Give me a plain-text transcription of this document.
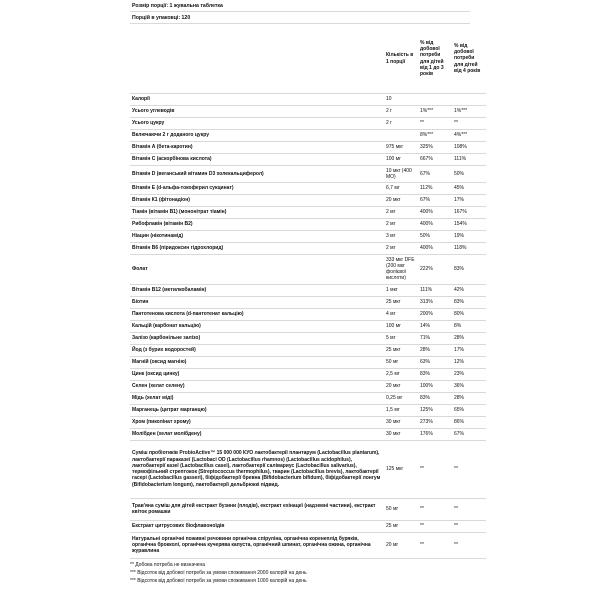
Розмір порції: 1 жувальна таблетка
Порцій в упаковці: 120
	Кількість в 1 порції	% від добової потреби для дітей від 1 до 3 років	% від добової потреби для дітей від 4 років
Калорії	10		
Усього углеводів	2 г	1%***	1%***
Усього цукру	2 г	**	**
Включаючи 2 г доданого цукру		8%***	4%***
Вітамін А (бета-каротин)	975 мкг	325%	108%
Вітамін С (аскорбінова кислота)	100 мг	667%	111%
Вітамін D (веганський вітамин D3 холекальциферол)	10 мкг (400 МО)	67%	50%
Вітамін Е (d-альфа-токоферил сукцинат)	6,7 мг	112%	45%
Вітамін К1 (фітонадіон)	20 мкг	67%	17%
Тіамін (вітамін В1) (мононітрат тіамін)	2 мг	400%	167%
Рибофлавін (вітамін В2)	2 мг	400%	154%
Ніацин (нікотинамід)	3 мг	50%	19%
Вітамін В6 (піридоксин гідрохлорид)	2 мг	400%	118%
Фолат	333 мкг DFE (200 мкг фолієвої кислоти)	222%	83%
Вітамін В12 (метилкобаламін)	1 мкг	111%	42%
Біотин	25 мкг	313%	83%
Пантотенова кислота (d-пантотенат кальцію)	4 мг	200%	80%
Кальцій (карбонат кальцію)	100 мг	14%	8%
Залізо (карбонільне залізо)	5 мг	71%	28%
Йод (з бурих водоростей)	25 мкг	28%	17%
Магній (оксид магнію)	50 мг	63%	12%
Цинк (оксид цинку)	2,5 мг	83%	23%
Селен (хелат селену)	20 мкг	100%	36%
Мідь (хелат міді)	0,25 мг	83%	28%
Марганець (цитрат марганцю)	1,5 мг	125%	65%
Хром (пиколінат хрому)	30 мкг	273%	86%
Молібден (хелат молібдену)	30 мкг	176%	67%
Суміш пробіотиків ProbioActive™ 15 000 000 КУО лактобактерії плантарум (Lactobacillus plantarum), лактобактерії параказеї (Lactobaci OD (Lactobacillus rhamnos) (Lactobacillus acidophilus), лактобактерії казеї (Lactobacillus casei), лактобактерії салівариус (Lactobacillus salivarius), термофільний стрептокок (Streptococcus thermophilus), тварин (Lactobacillus brevis), лактобактерії гасері (Lactobacillus gasseri), біфідобактерії бревна (Bifidobacterium bifidum), біфідобактерії лонгум (Bifidobacterium longum), лактобактерії дельбрюккі підвид.	125 мкг	**	**
Трав'яна суміш для дітей екстракт бузини (плодів), екстракт ехінацеї (надземні частини), екстракт квіток ромашки	50 мг	**	**
Екстракт цитрусових біофлавоноїдів	25 мг	**	**
Натуральні органічні поживні речовини органічна спіруліна, органічна коренеплід буряків, органічна брокколі, органічна кучерява капуста, органічний шпинат, органічна ожина, органічна журавлина	20 мг	**	**
** Добова потреба не визначена
*** Відсоток від добової потреби за умови споживання 2000 калорій на день
*** Відсоток від добової потреби за умови споживання 1000 калорій на день
